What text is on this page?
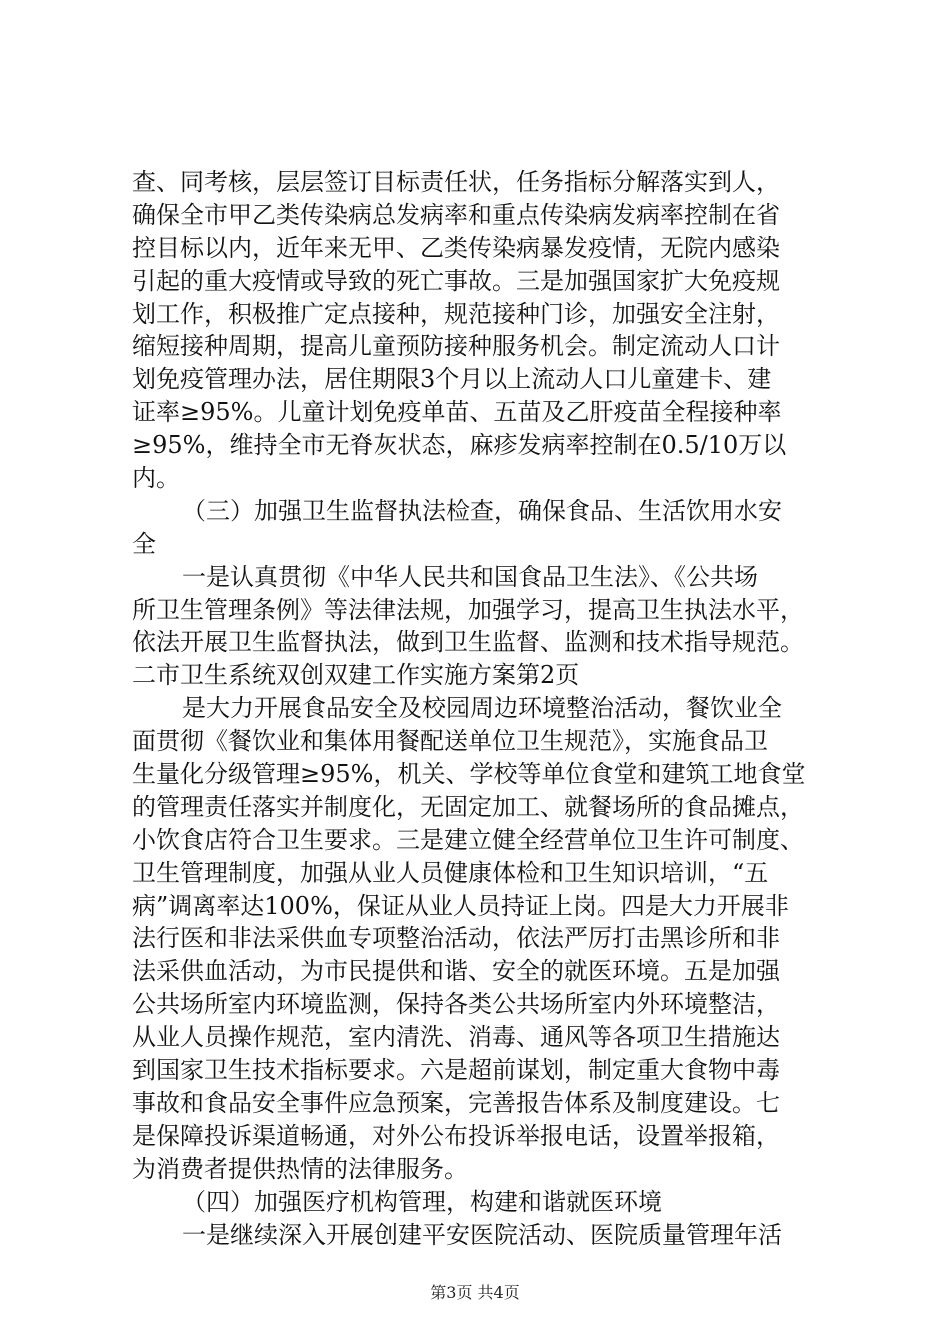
查、同考核，层层签订目标责任状，任务指标分解落实到人，
确保全市甲乙类传染病总发病率和重点传染病发病率控制在省
控目标以内，近年来无甲、乙类传染病暴发疫情，无院内感染
引起的重大疫情或导致的死亡事故。三是加强国家扩大免疫规
划工作，积极推广定点接种，规范接种门诊，加强安全注射，
缩短接种周期，提高儿童预防接种服务机会。制定流动人口计
划免疫管理办法，居住期限3个月以上流动人口儿童建卡、建
证率≥95%。儿童计划免疫单苗、五苗及乙肝疫苗全程接种率
≥95%，维持全市无脊灰状态，麻疹发病率控制在0.5/10万以
内。
（三）加强卫生监督执法检查，确保食品、生活饮用水安
全
一是认真贯彻《中华人民共和国食品卫生法》、《公共场
所卫生管理条例》等法律法规，加强学习，提高卫生执法水平，
依法开展卫生监督执法，做到卫生监督、监测和技术指导规范。
二市卫生系统双创双建工作实施方案第2页
是大力开展食品安全及校园周边环境整治活动，餐饮业全
面贯彻《餐饮业和集体用餐配送单位卫生规范》，实施食品卫
生量化分级管理≥95%，机关、学校等单位食堂和建筑工地食堂
的管理责任落实并制度化，无固定加工、就餐场所的食品摊点，
小饮食店符合卫生要求。三是建立健全经营单位卫生许可制度、
卫生管理制度，加强从业人员健康体检和卫生知识培训，“五
病”调离率达100%，保证从业人员持证上岗。四是大力开展非
法行医和非法采供血专项整治活动，依法严厉打击黑诊所和非
法采供血活动，为市民提供和谐、安全的就医环境。五是加强
公共场所室内环境监测，保持各类公共场所室内外环境整洁，
从业人员操作规范，室内清洗、消毒、通风等各项卫生措施达
到国家卫生技术指标要求。六是超前谋划，制定重大食物中毒
事故和食品安全事件应急预案，完善报告体系及制度建设。七
是保障投诉渠道畅通，对外公布投诉举报电话，设置举报箱，
为消费者提供热情的法律服务。
（四）加强医疗机构管理，构建和谐就医环境
一是继续深入开展创建平安医院活动、医院质量管理年活
第3页 共4页
